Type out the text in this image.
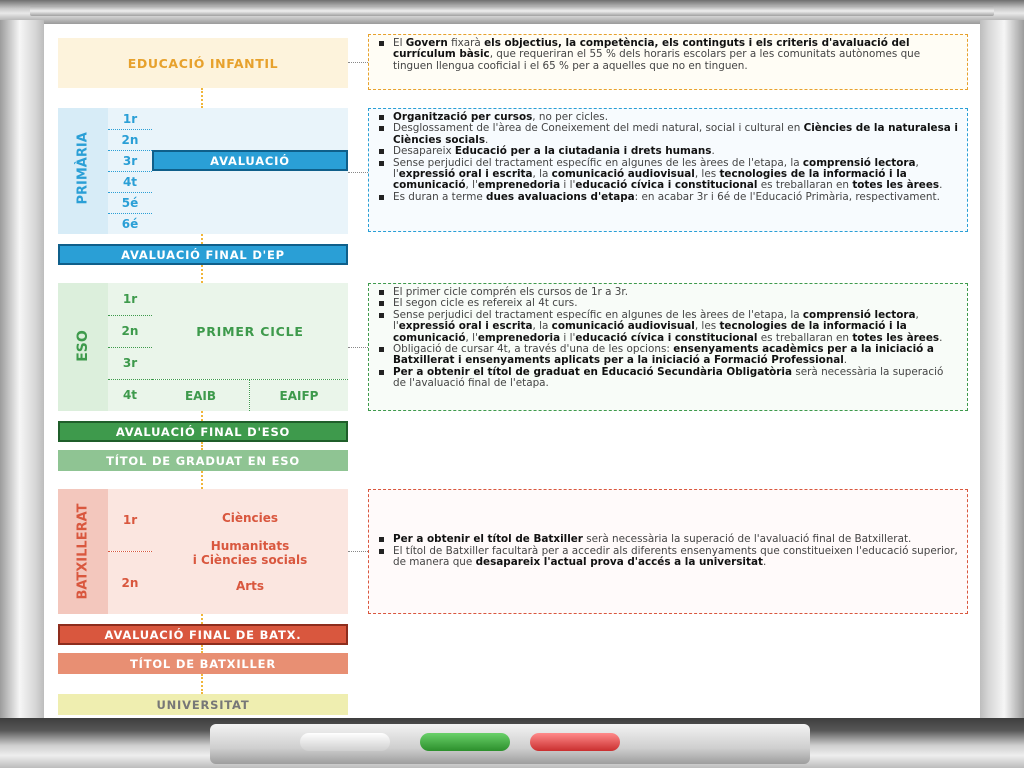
EDUCACIÓ INFANTIL
El Govern fixarà els objectius, la competència, els continguts i els criteris d'avaluació del currículum bàsic, que requeriran el 55 % dels horaris escolars per a les comunitats autònomes que tinguen llengua cooficial i el 65 % per a aquelles que no en tinguen.
PRIMÀRIA
1r
2n
3r
4t
5é
6é
AVALUACIÓ
Organització per cursos, no per cicles.
Desglossament de l'àrea de Coneixement del medi natural, social i cultural en Ciències de la naturalesa i Ciències socials.
Desapareix Educació per a la ciutadania i drets humans.
Sense perjudici del tractament específic en algunes de les àrees de l'etapa, la comprensió lectora, l'expressió oral i escrita, la comunicació audiovisual, les tecnologies de la informació i la comunicació, l'emprenedoria i l'educació cívica i constitucional es treballaran en totes les àrees.
Es duran a terme dues avaluacions d'etapa: en acabar 3r i 6é de l'Educació Primària, respectivament.
AVALUACIÓ FINAL D'EP
ESO
1r
2n
3r
4t
PRIMER CICLE
EAIB	EAIFP
El primer cicle comprén els cursos de 1r a 3r.
El segon cicle es refereix al 4t curs.
Sense perjudici del tractament específic en algunes de les àrees de l'etapa, la comprensió lectora, l'expressió oral i escrita, la comunicació audiovisual, les tecnologies de la informació i la comunicació, l'emprenedoria i l'educació cívica i constitucional es treballaran en totes les àrees.
Obligació de cursar 4t, a través d'una de les opcions: ensenyaments acadèmics per a la iniciació a Batxillerat i ensenyaments aplicats per a la iniciació a Formació Professional.
Per a obtenir el títol de graduat en Educació Secundària Obligatòria serà necessària la superació de l'avaluació final de l'etapa.
AVALUACIÓ FINAL D'ESO
TÍTOL DE GRADUAT EN ESO
BATXILLERAT	1r
2n
Ciències
Humanitats
i Ciències socials
Arts
Per a obtenir el títol de Batxiller serà necessària la superació de l'avaluació final de Batxillerat.
El títol de Batxiller facultarà per a accedir als diferents ensenyaments que constitueixen l'educació superior, de manera que desapareix l'actual prova d'accés a la universitat.
AVALUACIÓ FINAL DE BATX.
TÍTOL DE BATXILLER
UNIVERSITAT
